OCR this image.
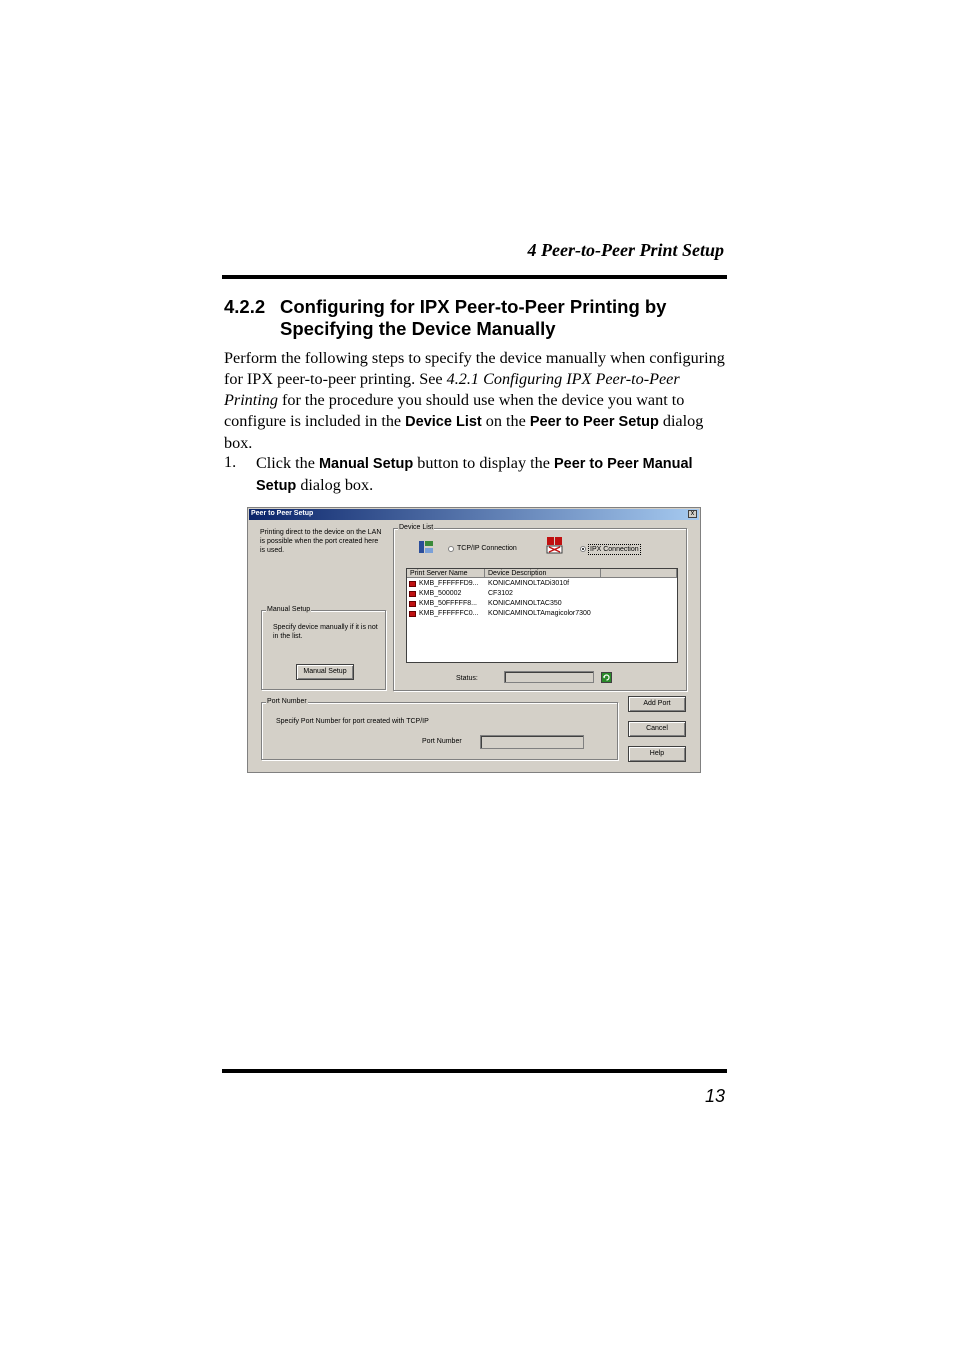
4 Peer-to-Peer Print Setup
4.2.2 Configuring for IPX Peer-to-Peer Printing by Specifying the Device Manually
Perform the following steps to specify the device manually when configuring for IPX peer-to-peer printing. See 4.2.1 Configuring IPX Peer-to-Peer Printing for the procedure you should use when the device you want to configure is included in the Device List on the Peer to Peer Setup dialog box.
1. Click the Manual Setup button to display the Peer to Peer Manual Setup dialog box.
Peer to Peer Setup	x
Printing direct to the device on the LAN is possible when the port created here is used.
Manual Setup
Specify device manually if it is not in the list.
Manual Setup
Device List
TCP/IP Connection	IPX Connection
Print Server Name	Device Description
KMB_FFFFFFD9...	KONICAMINOLTADi3010f
KMB_500002	CF3102
KMB_50FFFFF8...	KONICAMINOLTAC350
KMB_FFFFFFC0...	KONICAMINOLTAmagicolor7300
Status:
Port Number
Specify Port Number for port created with TCP/IP
Port Number
Add Port
Cancel
Help
13
